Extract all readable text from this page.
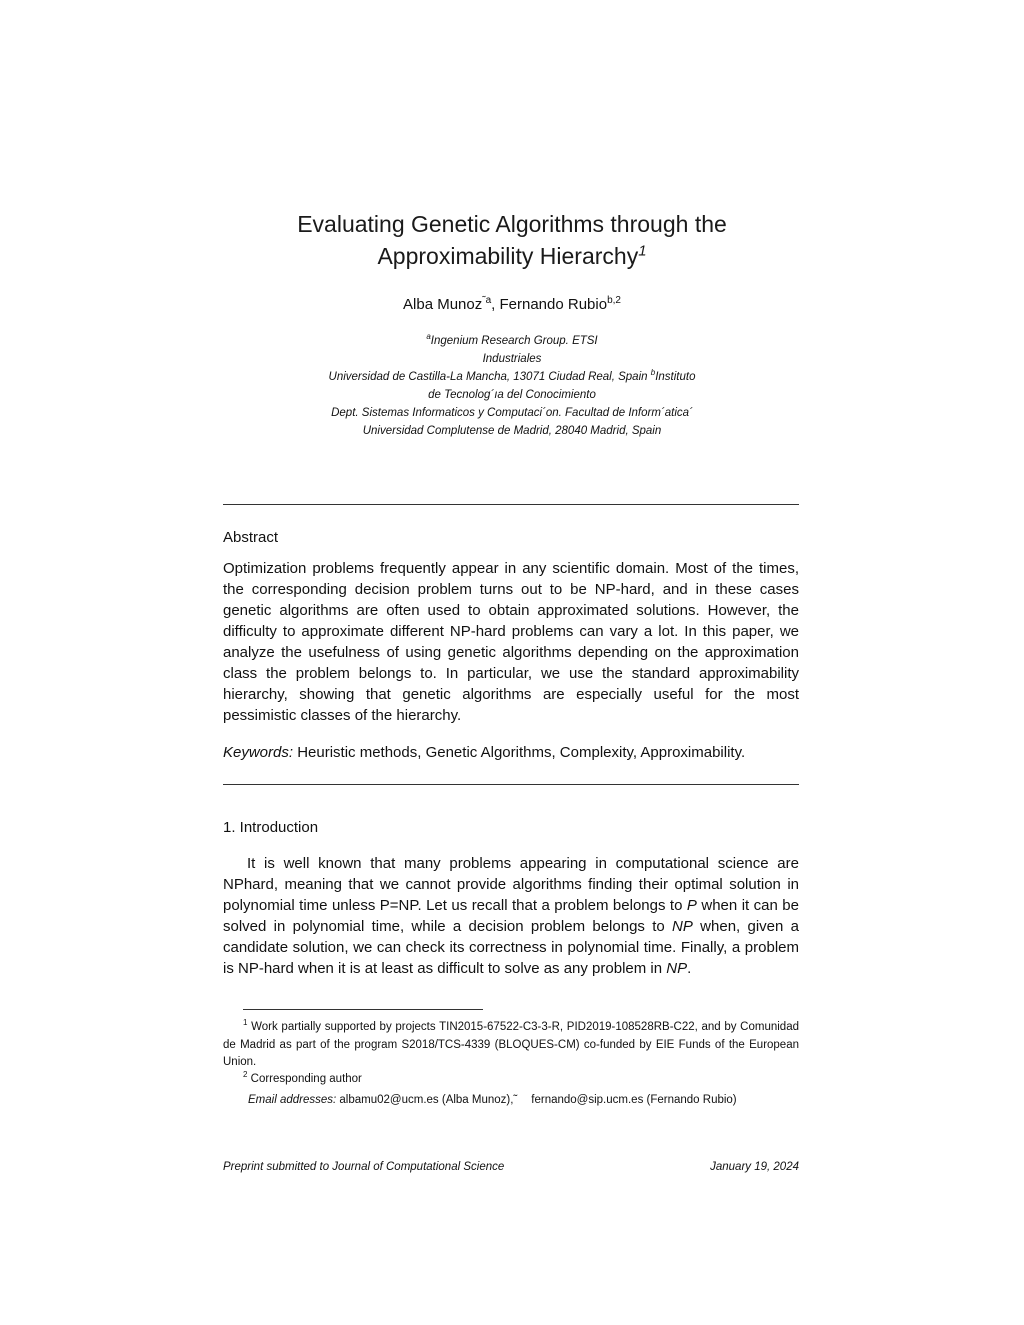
Evaluating Genetic Algorithms through the
Approximability Hierarchy$^1$
Alba Munoz$^{˜a}$, Fernando Rubio$^{b,2}$
$^a$Ingenium Research Group. ETSI
Industriales
Universidad de Castilla-La Mancha, 13071 Ciudad Real, Spain $^b$Instituto
de Tecnolog´ıa del Conocimiento
Dept. Sistemas Informaticos y Computaci´on. Facultad de Inform´atica´
Universidad Complutense de Madrid, 28040 Madrid, Spain
Abstract
Optimization problems frequently appear in any scientific domain. Most of the times, the corresponding decision problem turns out to be NP-hard, and in these cases genetic algorithms are often used to obtain approximated solutions. However, the difficulty to approximate different NP-hard problems can vary a lot. In this paper, we analyze the usefulness of using genetic algorithms depending on the approximation class the problem belongs to. In particular, we use the standard approximability hierarchy, showing that genetic algorithms are especially useful for the most pessimistic classes of the hierarchy.
Keywords: Heuristic methods, Genetic Algorithms, Complexity, Approximability.
1. Introduction
It is well known that many problems appearing in computational science are NPhard, meaning that we cannot provide algorithms finding their optimal solution in polynomial time unless P=NP. Let us recall that a problem belongs to P when it can be solved in polynomial time, while a decision problem belongs to NP when, given a candidate solution, we can check its correctness in polynomial time. Finally, a problem is NP-hard when it is at least as difficult to solve as any problem in NP.
$^1$ Work partially supported by projects TIN2015-67522-C3-3-R, PID2019-108528RB-C22, and by Comunidad de Madrid as part of the program S2018/TCS-4339 (BLOQUES-CM) co-funded by EIE Funds of the European Union.
$^2$ Corresponding author
Email addresses: albamu02@ucm.es (Alba Munoz),˜ fernando@sip.ucm.es (Fernando Rubio)
Preprint submitted to Journal of Computational Science	January 19, 2024
